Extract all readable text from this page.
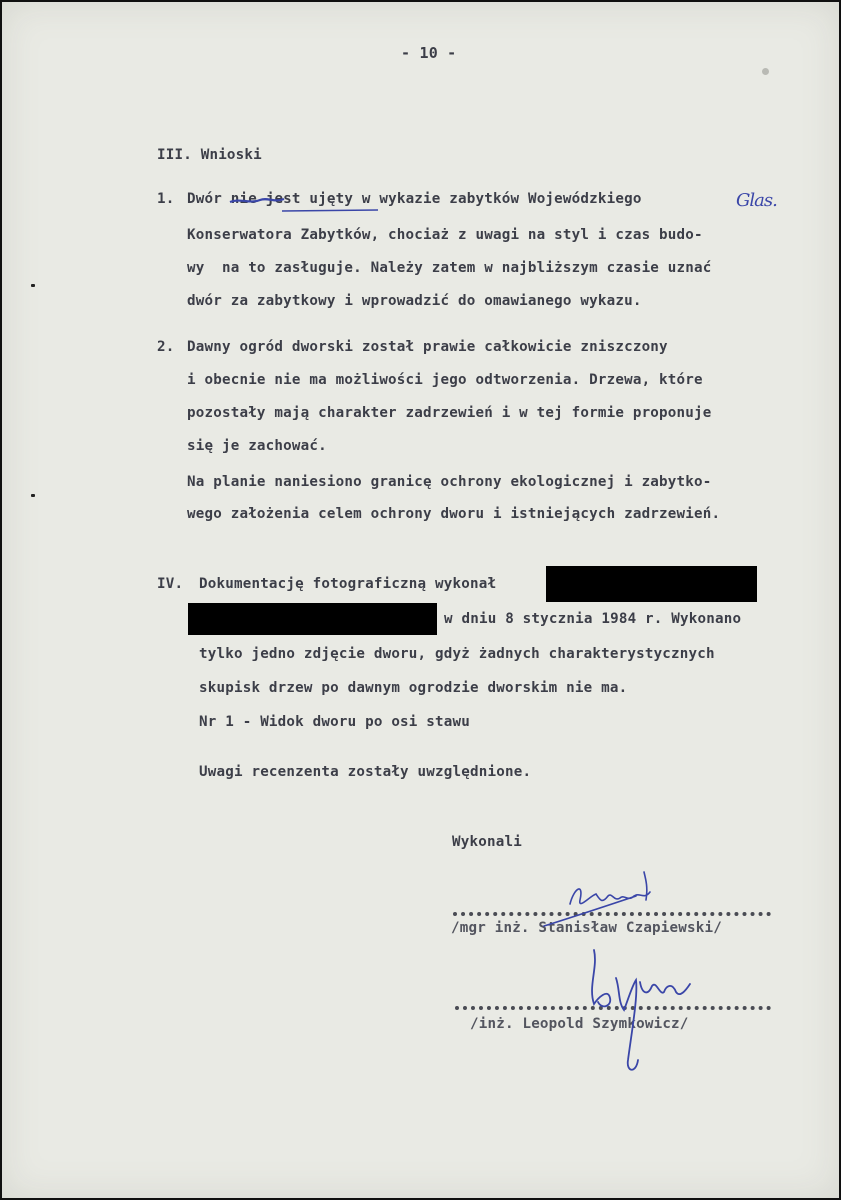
- 10 -
III. Wnioski
1. Dwór nie jest ujęty w wykazie zabytków Wojewódzkiego	Glas.
Konserwatora Zabytków, chociaż z uwagi na styl i czas budo-
wy  na to zasługuje. Należy zatem w najbliższym czasie uznać
dwór za zabytkowy i wprowadzić do omawianego wykazu.
2. Dawny ogród dworski został prawie całkowicie zniszczony
i obecnie nie ma możliwości jego odtworzenia. Drzewa, które
pozostały mają charakter zadrzewień i w tej formie proponuje
się je zachować.
Na planie naniesiono granicę ochrony ekologicznej i zabytko-
wego założenia celem ochrony dworu i istniejących zadrzewień.
IV. Dokumentację fotograficzną wykonał
w dniu 8 stycznia 1984 r. Wykonano
tylko jedno zdjęcie dworu, gdyż żadnych charakterystycznych
skupisk drzew po dawnym ogrodzie dworskim nie ma.
Nr 1 - Widok dworu po osi stawu
Uwagi recenzenta zostały uwzględnione.
Wykonali
/mgr inż. Stanisław Czapiewski/
/inż. Leopold Szymkowicz/
